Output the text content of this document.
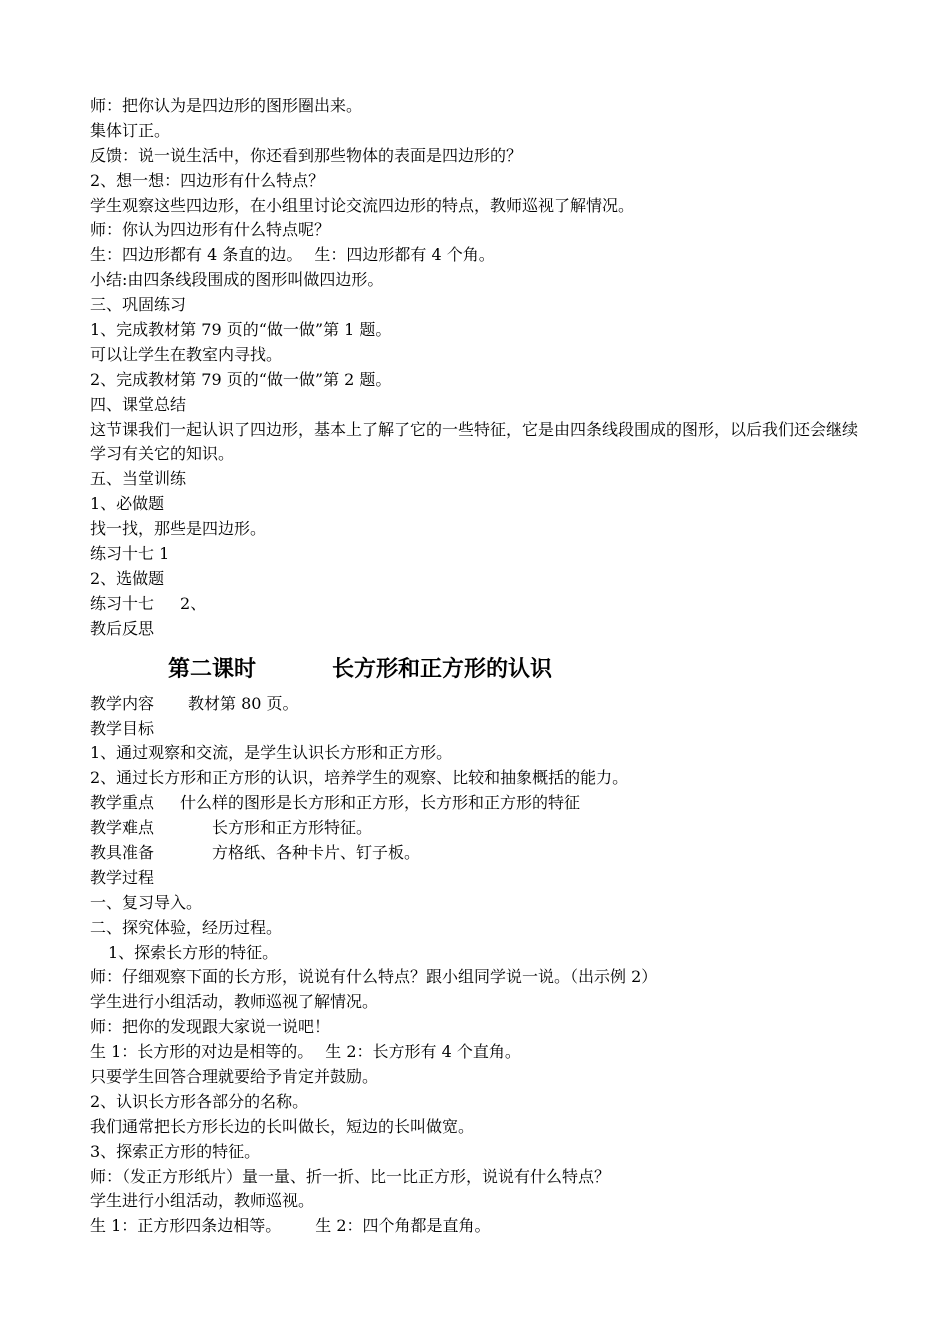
师：把你认为是四边形的图形圈出来。
集体订正。
反馈：说一说生活中，你还看到那些物体的表面是四边形的？
2、想一想：四边形有什么特点？
学生观察这些四边形，在小组里讨论交流四边形的特点，教师巡视了解情况。
师：你认为四边形有什么特点呢？
生：四边形都有 4 条直的边。 生：四边形都有 4 个角。
小结:由四条线段围成的图形叫做四边形。
三、巩固练习
1、完成教材第 79 页的“做一做”第 1 题。
可以让学生在教室内寻找。
2、完成教材第 79 页的“做一做”第 2 题。
四、课堂总结
这节课我们一起认识了四边形，基本上了解了它的一些特征，它是由四条线段围成的图形，以后我们还会继续学习有关它的知识。
五、当堂训练
1、必做题
找一找，那些是四边形。
练习十七 1
2、选做题
练习十七 2、
教后反思
第二课时	长方形和正方形的认识
教学内容 教材第 80 页。
教学目标
1、通过观察和交流，是学生认识长方形和正方形。
2、通过长方形和正方形的认识，培养学生的观察、比较和抽象概括的能力。
教学重点 什么样的图形是长方形和正方形，长方形和正方形的特征
教学难点	长方形和正方形特征。
教具准备	方格纸、各种卡片、钉子板。
教学过程
一、复习导入。
二、探究体验，经历过程。
1、探索长方形的特征。
师：仔细观察下面的长方形，说说有什么特点？跟小组同学说一说。（出示例 2）
学生进行小组活动，教师巡视了解情况。
师：把你的发现跟大家说一说吧！
生 1：长方形的对边是相等的。 生 2：长方形有 4 个直角。
只要学生回答合理就要给予肯定并鼓励。
2、认识长方形各部分的名称。
我们通常把长方形长边的长叫做长，短边的长叫做宽。
3、探索正方形的特征。
师：（发正方形纸片）量一量、折一折、比一比正方形，说说有什么特点？
学生进行小组活动，教师巡视。
生 1：正方形四条边相等。 生 2：四个角都是直角。
